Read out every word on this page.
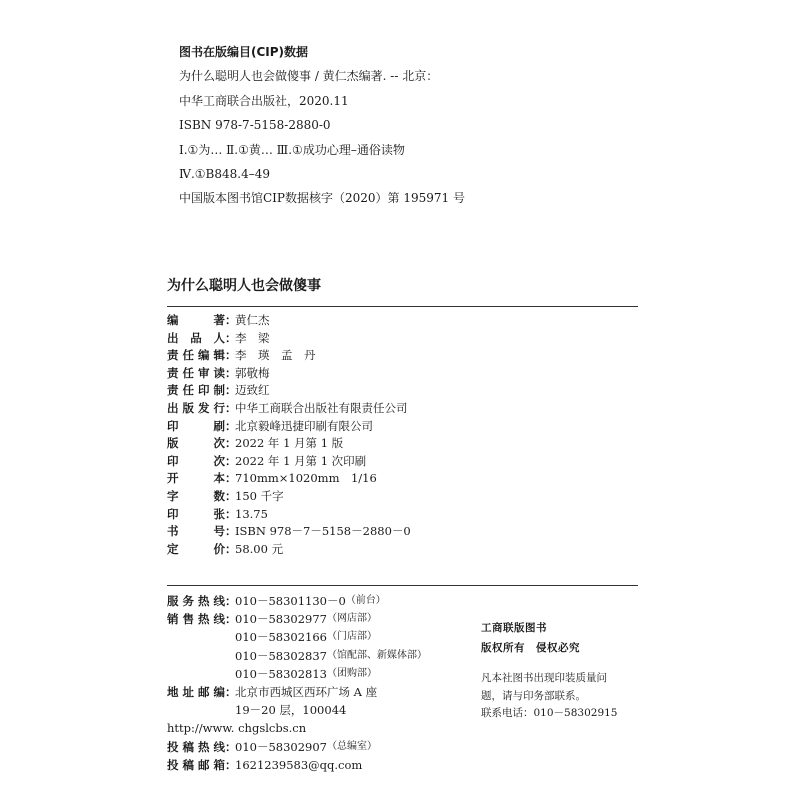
图书在版编目(CIP)数据
为什么聪明人也会做傻事 / 黄仁杰编著. -- 北京：
中华工商联合出版社，2020.11
ISBN 978-7-5158-2880-0
Ⅰ.①为… Ⅱ.①黄… Ⅲ.①成功心理–通俗读物
Ⅳ.①B848.4–49
中国版本图书馆CIP数据核字（2020）第 195971 号
为什么聪明人也会做傻事
编	著 ：
黄仁杰
出 品 人 ：
李　梁
责 任 编 辑 ：
李　瑛　孟　丹
责 任 审 读 ：
郭敬梅
责 任 印 制 ：
迈致红
出 版 发 行 ：
中华工商联合出版社有限责任公司
印	刷 ：
北京毅峰迅捷印刷有限公司
版	次 ：
2022 年 1 月第 1 版
印	次 ：
2022 年 1 月第 1 次印刷
开	本 ：
710mm×1020mm　1/16
字	数 ：
150 千字
印	张 ：
13.75
书	号 ：
ISBN 978－7－5158－2880－0
定	价 ：
58.00 元
服 务 热 线 ：
010－58301130－0 （前台）
销 售 热 线 ：
010－58302977 （网店部）
010－58302166 （门店部）
010－58302837 （馆配部、新媒体部）
010－58302813 （团购部）
地 址 邮 编 ：
北京市西城区西环广场 A 座
19－20 层，100044
http://www. chgslcbs.cn
投 稿 热 线 ：
010－58302907 （总编室）
投 稿 邮 箱 ：
1621239583@qq.com
工商联版图书
版权所有　侵权必究
凡本社图书出现印装质量问
题，请与印务部联系。
联系电话：010－58302915
